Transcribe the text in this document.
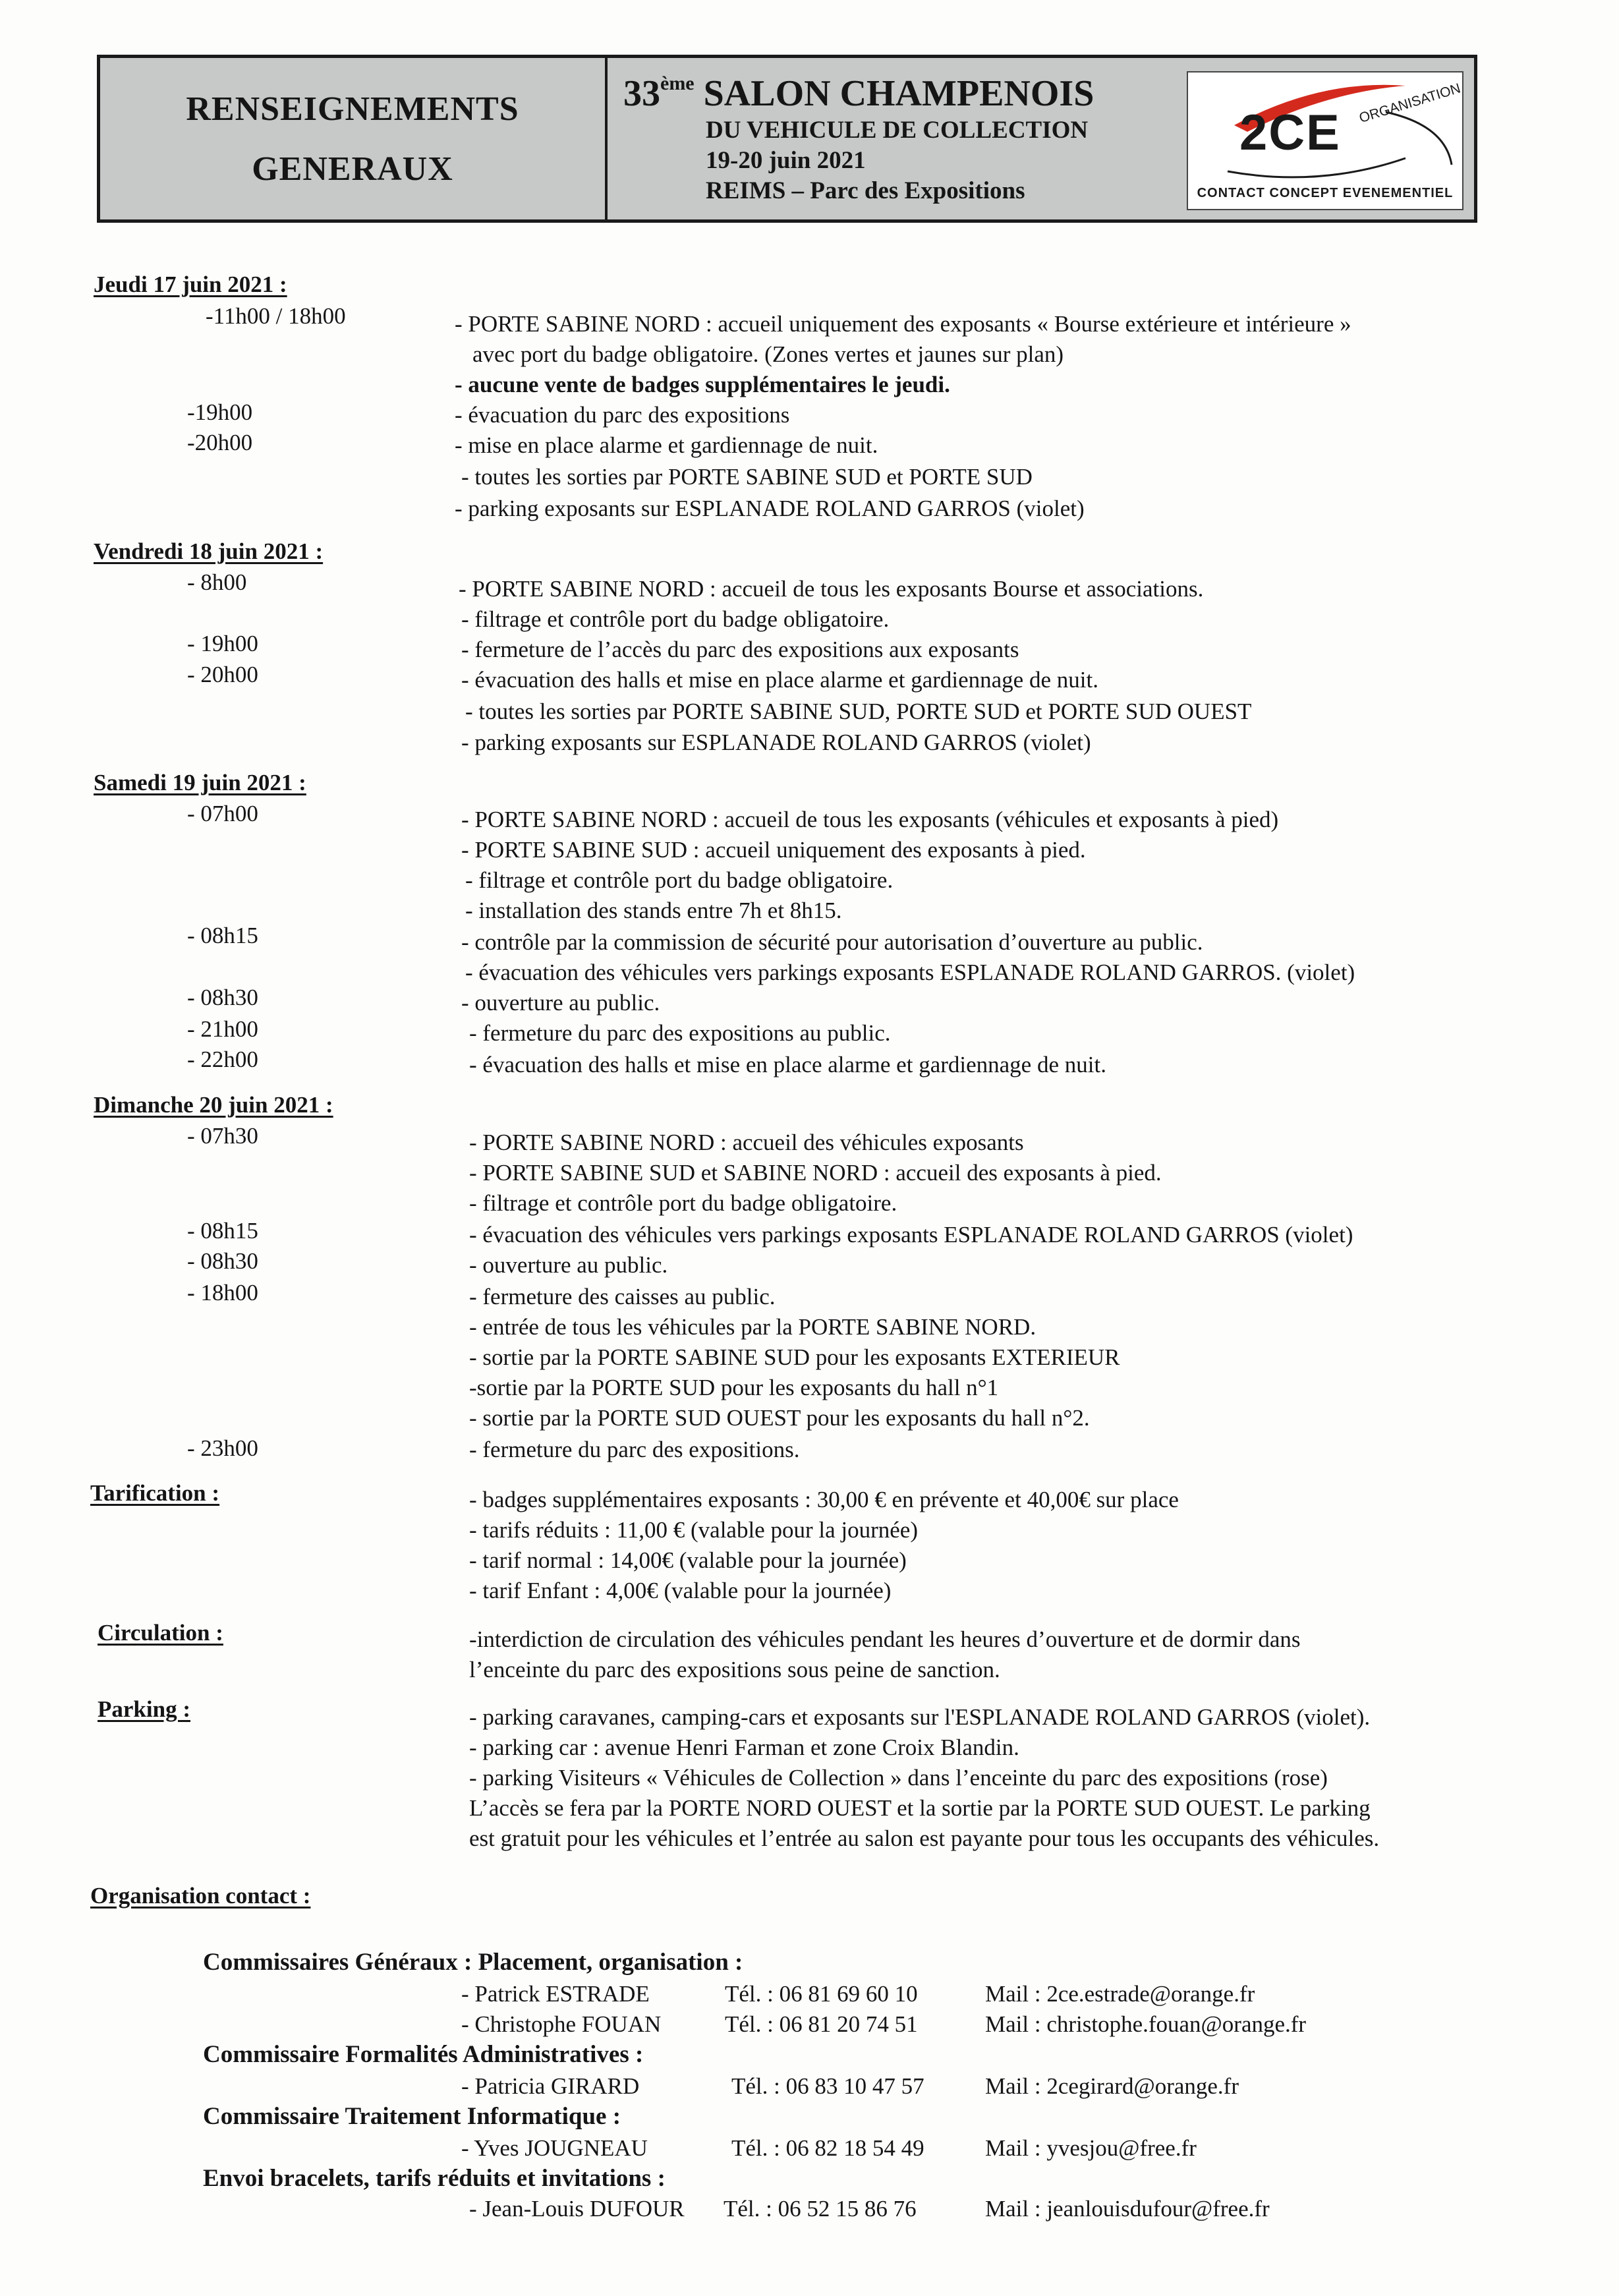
RENSEIGNEMENTS
GENERAUX
33ème SALON CHAMPENOIS
DU VEHICULE DE COLLECTION
19-20 juin 2021
REIMS – Parc des Expositions
2CE
ORGANISATION
CONTACT CONCEPT EVENEMENTIEL
Jeudi 17 juin 2021 :
-11h00 / 18h00	- PORTE SABINE NORD : accueil uniquement des exposants « Bourse extérieure et intérieure »
avec port du badge obligatoire. (Zones vertes et jaunes sur plan)
- aucune vente de badges supplémentaires le jeudi.
-19h00	- évacuation du parc des expositions
-20h00	- mise en place alarme et gardiennage de nuit.
- toutes les sorties par PORTE SABINE SUD et PORTE SUD
- parking exposants sur ESPLANADE ROLAND GARROS (violet)
Vendredi 18 juin 2021 :
- 8h00	- PORTE SABINE NORD : accueil de tous les exposants Bourse et associations.
- filtrage et contrôle port du badge obligatoire.
- 19h00	- fermeture de l’accès du parc des expositions aux exposants
- 20h00	- évacuation des halls et mise en place alarme et gardiennage de nuit.
- toutes les sorties par PORTE SABINE SUD, PORTE SUD et PORTE SUD OUEST
- parking exposants sur ESPLANADE ROLAND GARROS (violet)
Samedi 19 juin 2021 :
- 07h00	- PORTE SABINE NORD : accueil de tous les exposants (véhicules et exposants à pied)
- PORTE SABINE SUD : accueil uniquement des exposants à pied.
- filtrage et contrôle port du badge obligatoire.
- installation des stands entre 7h et 8h15.
- 08h15	- contrôle par la commission de sécurité pour autorisation d’ouverture au public.
- évacuation des véhicules vers parkings exposants ESPLANADE ROLAND GARROS. (violet)
- 08h30	- ouverture au public.
- 21h00	- fermeture du parc des expositions au public.
- 22h00	- évacuation des halls et mise en place alarme et gardiennage de nuit.
Dimanche 20 juin 2021 :
- 07h30	- PORTE SABINE NORD : accueil des véhicules exposants
- PORTE SABINE SUD et SABINE NORD : accueil des exposants à pied.
- filtrage et contrôle port du badge obligatoire.
- 08h15	- évacuation des véhicules vers parkings exposants ESPLANADE ROLAND GARROS (violet)
- 08h30	- ouverture au public.
- 18h00	- fermeture des caisses au public.
- entrée de tous les véhicules par la PORTE SABINE NORD.
- sortie par la PORTE SABINE SUD pour les exposants EXTERIEUR
-sortie par la PORTE SUD pour les exposants du hall n°1
- sortie par la PORTE SUD OUEST pour les exposants du hall n°2.
- 23h00	- fermeture du parc des expositions.
Tarification :	- badges supplémentaires exposants : 30,00 € en prévente et 40,00€ sur place
- tarifs réduits : 11,00 € (valable pour la journée)
- tarif normal : 14,00€ (valable pour la journée)
- tarif Enfant : 4,00€ (valable pour la journée)
Circulation :	-interdiction de circulation des véhicules pendant les heures d’ouverture et de dormir dans
l’enceinte du parc des expositions sous peine de sanction.
Parking :	- parking caravanes, camping-cars et exposants sur l'ESPLANADE ROLAND GARROS (violet).
- parking car : avenue Henri Farman et zone Croix Blandin.
- parking Visiteurs « Véhicules de Collection » dans l’enceinte du parc des expositions (rose)
L’accès se fera par la PORTE NORD OUEST et la sortie par la PORTE SUD OUEST. Le parking
est gratuit pour les véhicules et l’entrée au salon est payante pour tous les occupants des véhicules.
Organisation contact :
Commissaires Généraux : Placement, organisation :
- Patrick ESTRADE	Tél. : 06 81 69 60 10	Mail : 2ce.estrade@orange.fr
- Christophe FOUAN	Tél. : 06 81 20 74 51	Mail : christophe.fouan@orange.fr
Commissaire Formalités Administratives :
- Patricia GIRARD	Tél. : 06 83 10 47 57	Mail : 2cegirard@orange.fr
Commissaire Traitement Informatique :
- Yves JOUGNEAU	Tél. : 06 82 18 54 49	Mail : yvesjou@free.fr
Envoi bracelets, tarifs réduits et invitations :
- Jean-Louis DUFOUR Tél. : 06 52 15 86 76	Mail : jeanlouisdufour@free.fr
